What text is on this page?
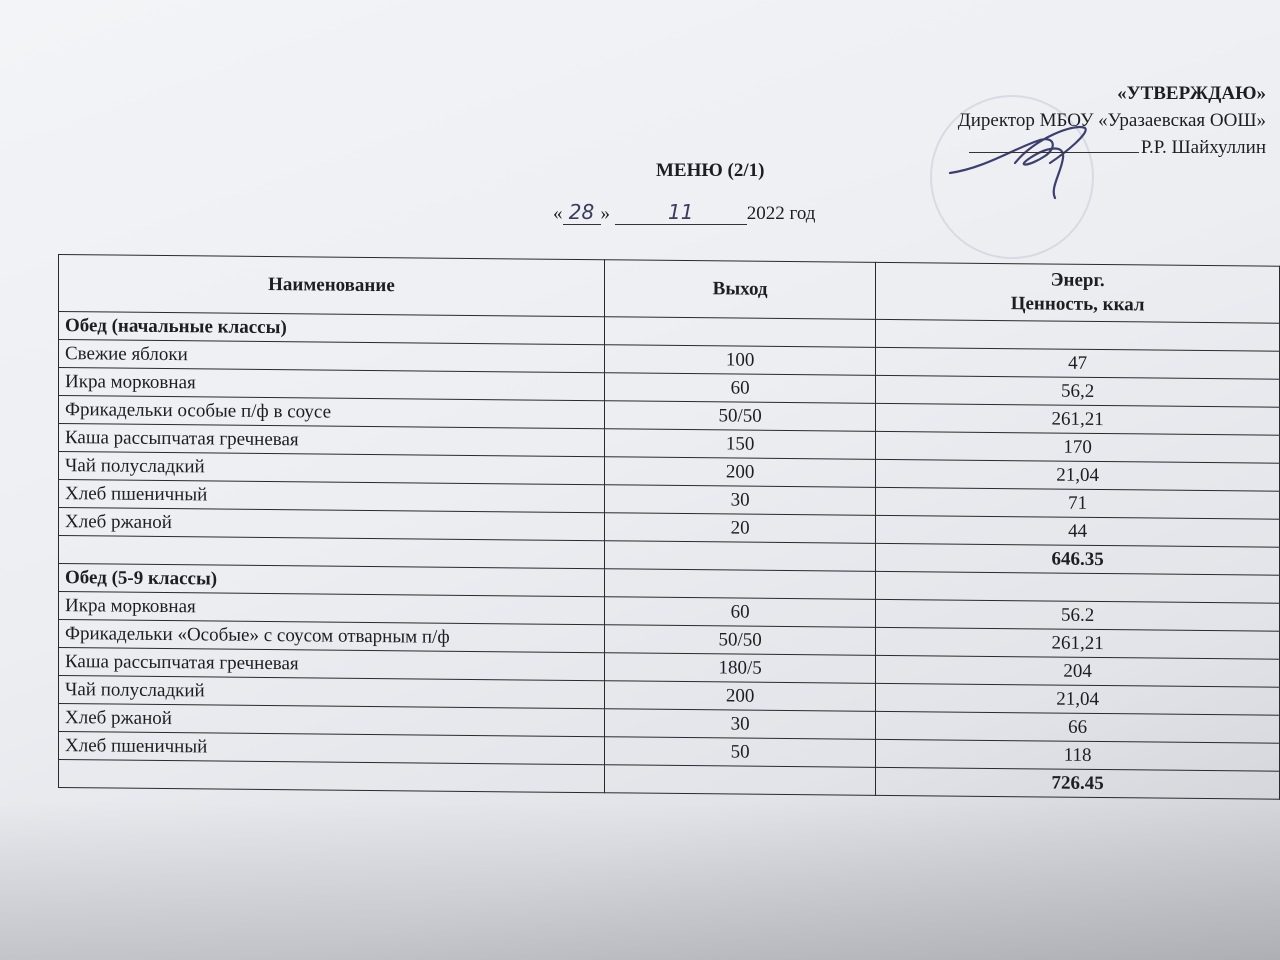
«УТВЕРЖДАЮ»
Директор МБОУ «Уразаевская ООШ»
Р.Р. Шайхуллин
МЕНЮ (2/1)
« 28 »	11	2022 год
Наименование	Выход	Энерг.
Ценность, ккал
Обед (начальные классы)		
Свежие яблоки	100	47
Икра морковная	60	56,2
Фрикадельки особые п/ф в соусе	50/50	261,21
Каша рассыпчатая гречневая	150	170
Чай полусладкий	200	21,04
Хлеб пшеничный	30	71
Хлеб ржаной	20	44
		646.35
Обед (5-9 классы)		
Икра морковная	60	56.2
Фрикадельки «Особые» с соусом отварным п/ф	50/50	261,21
Каша рассыпчатая гречневая	180/5	204
Чай полусладкий	200	21,04
Хлеб ржаной	30	66
Хлеб пшеничный	50	118
		726.45
